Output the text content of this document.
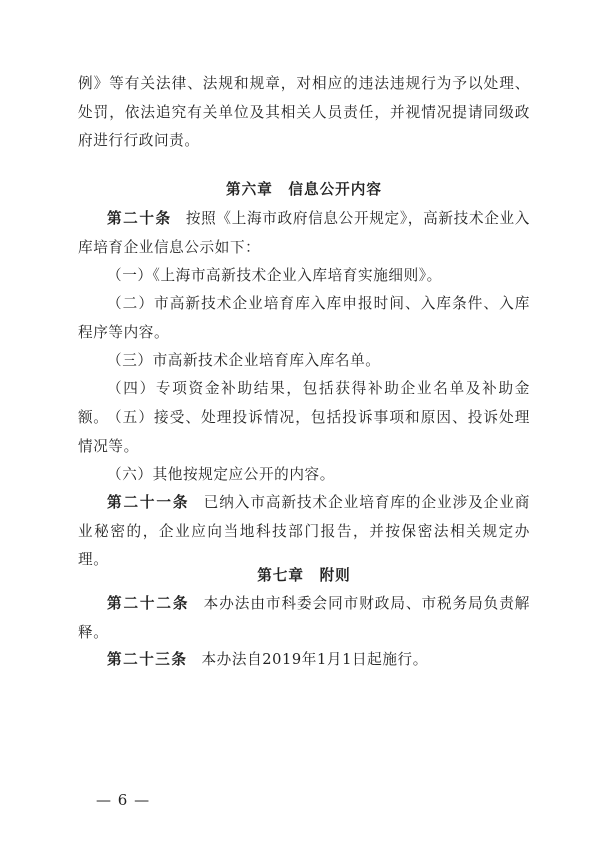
例》等有关法律、法规和规章，对相应的违法违规行为予以处理、处罚，依法追究有关单位及其相关人员责任，并视情况提请同级政府进行行政问责。

第六章　信息公开内容

第二十条 按照《上海市政府信息公开规定》，高新技术企业入库培育企业信息公示如下：

（一）《上海市高新技术企业入库培育实施细则》。

（二）市高新技术企业培育库入库申报时间、入库条件、入库程序等内容。

（三）市高新技术企业培育库入库名单。

（四）专项资金补助结果，包括获得补助企业名单及补助金额。

（五）接受、处理投诉情况，包括投诉事项和原因、投诉处理情况等。

（六）其他按规定应公开的内容。

第二十一条 已纳入市高新技术企业培育库的企业涉及企业商业秘密的，企业应向当地科技部门报告，并按保密法相关规定办理。

第七章　附则

第二十二条 本办法由市科委会同市财政局、市税务局负责解释。

第二十三条 本办法自2019年1月1日起施行。

— 6 —
